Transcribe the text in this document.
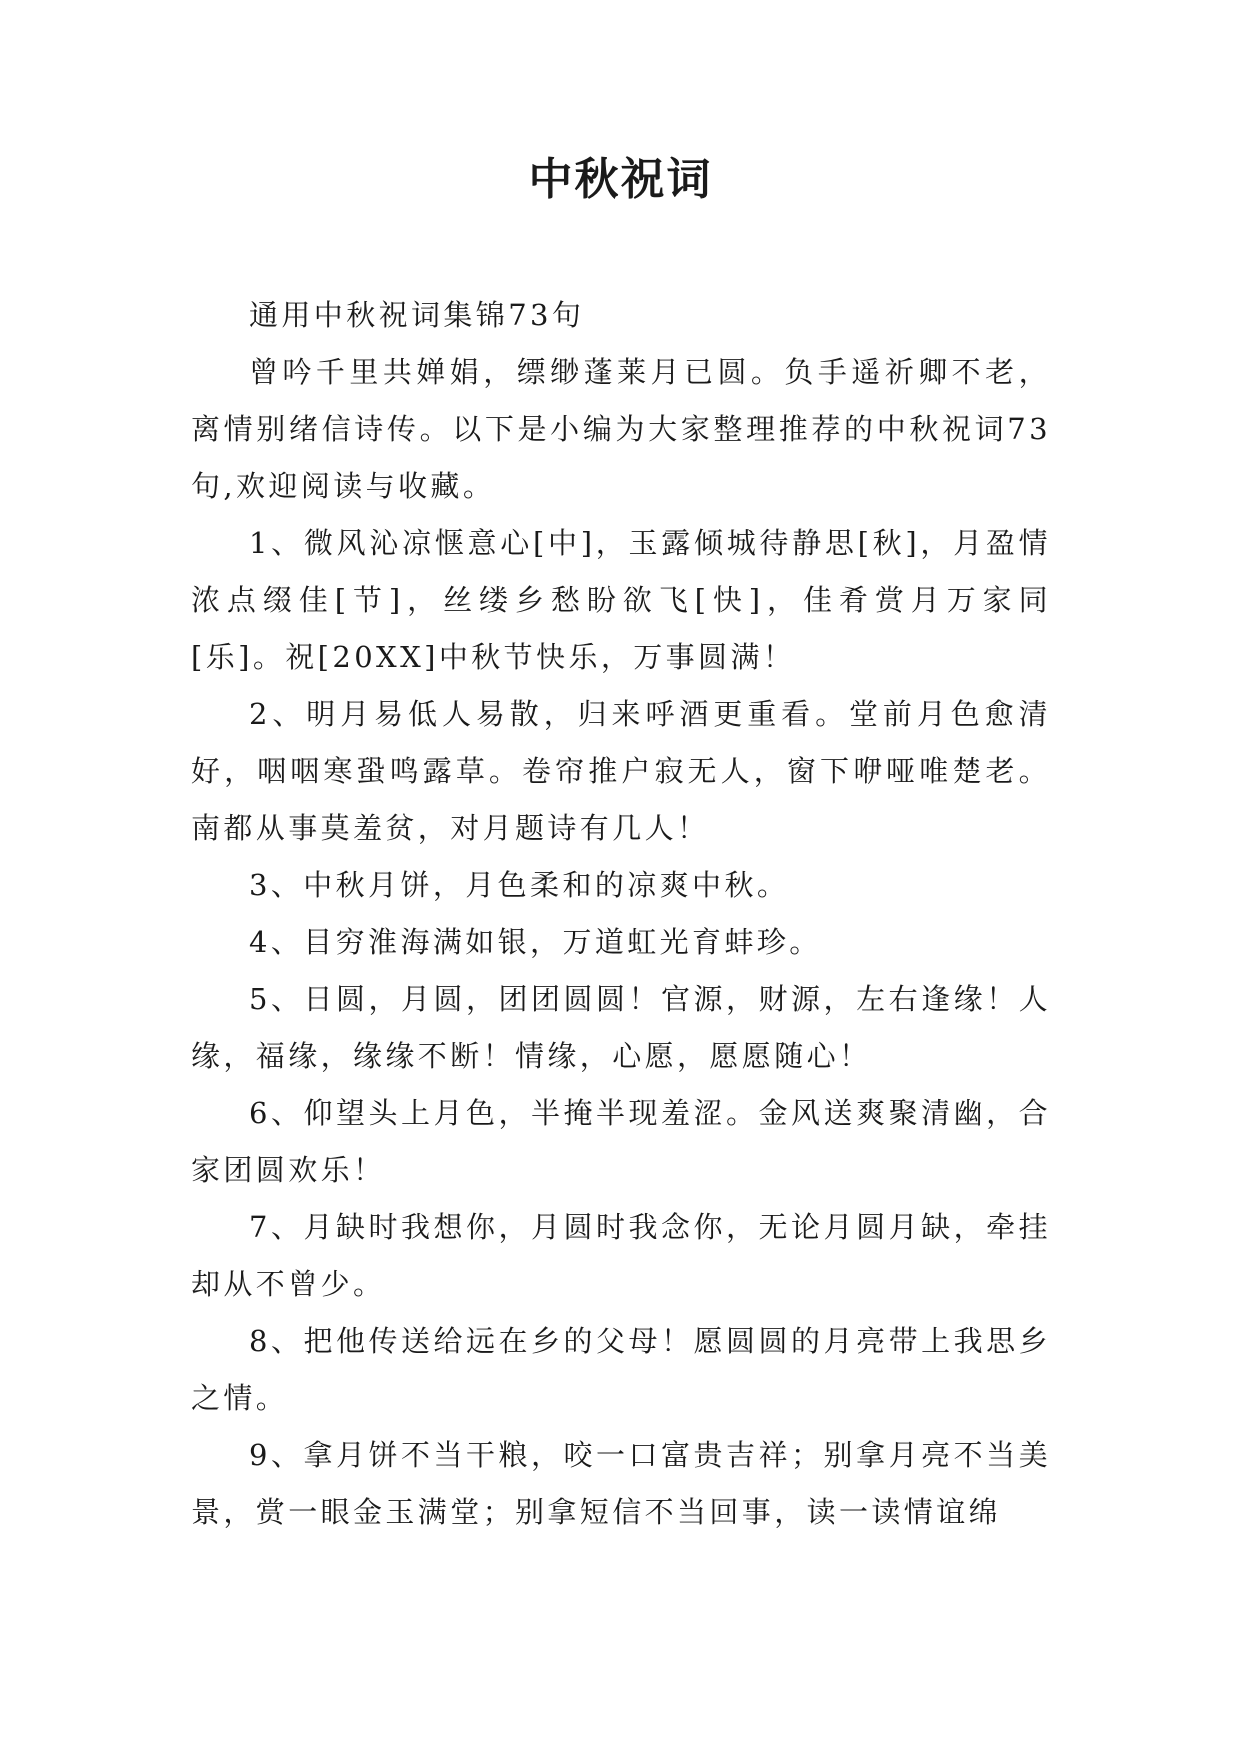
中秋祝词

通用中秋祝词集锦73句

曾吟千里共婵娟，缥缈蓬莱月已圆。负手遥祈卿不老，离情别绪信诗传。以下是小编为大家整理推荐的中秋祝词73句,欢迎阅读与收藏。

1、微风沁凉惬意心[中]，玉露倾城待静思[秋]，月盈情浓点缀佳[节]，丝缕乡愁盼欲飞[快]，佳肴赏月万家同[乐]。祝[20XX]中秋节快乐，万事圆满！

2、明月易低人易散，归来呼酒更重看。堂前月色愈清好，咽咽寒蛩鸣露草。卷帘推户寂无人，窗下咿哑唯楚老。南都从事莫羞贫，对月题诗有几人！

3、中秋月饼，月色柔和的凉爽中秋。

4、目穷淮海满如银，万道虹光育蚌珍。

5、日圆，月圆，团团圆圆！官源，财源，左右逢缘！人缘，福缘，缘缘不断！情缘，心愿，愿愿随心！

6、仰望头上月色，半掩半现羞涩。金风送爽聚清幽，合家团圆欢乐！

7、月缺时我想你，月圆时我念你，无论月圆月缺，牵挂却从不曾少。

8、把他传送给远在乡的父母！愿圆圆的月亮带上我思乡之情。

9、拿月饼不当干粮，咬一口富贵吉祥；别拿月亮不当美景，赏一眼金玉满堂；别拿短信不当回事，读一读情谊绵
